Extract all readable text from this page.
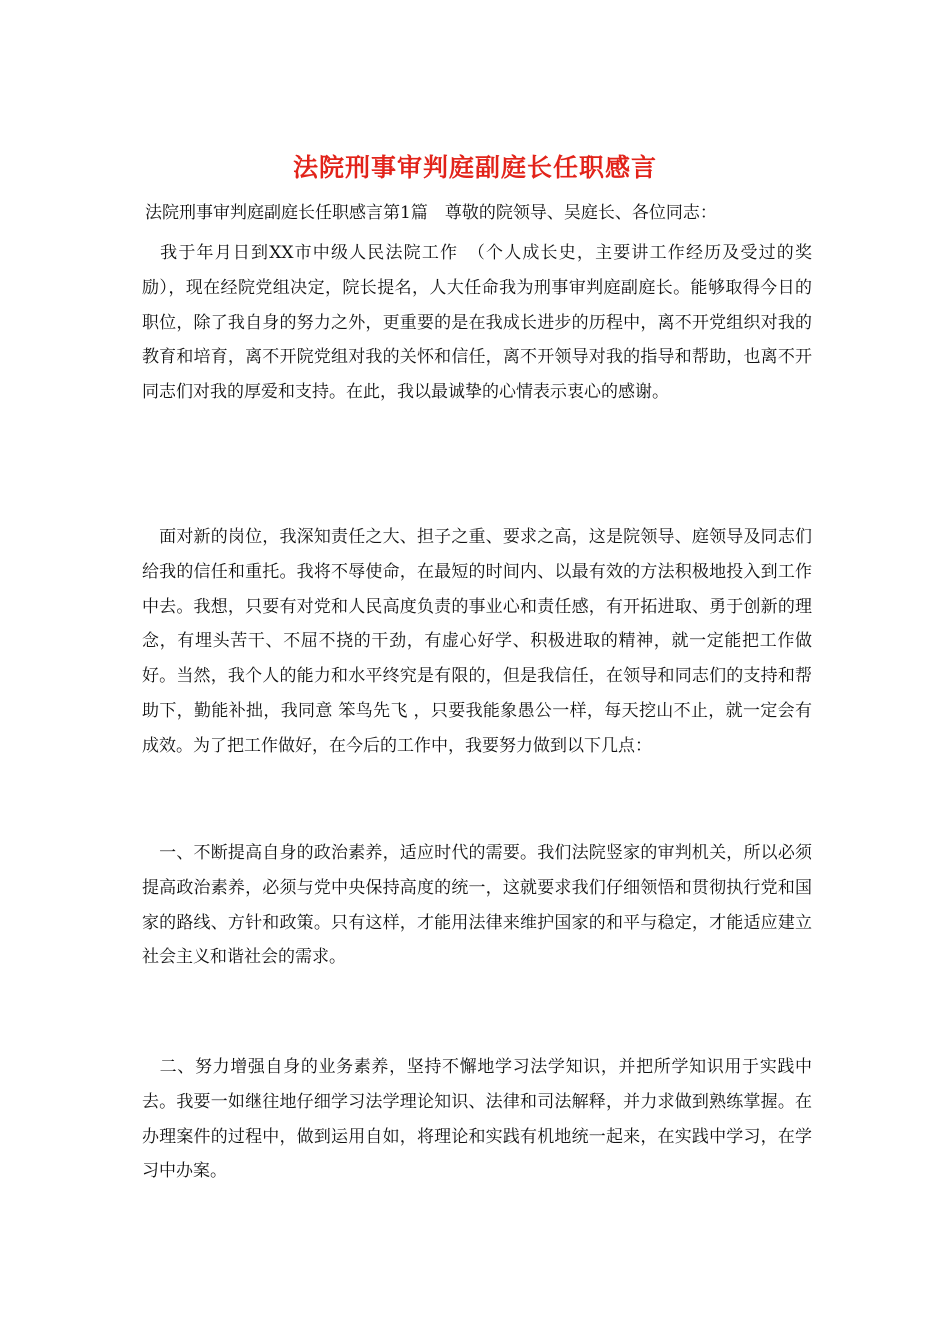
法院刑事审判庭副庭长任职感言
法院刑事审判庭副庭长任职感言第1篇　尊敬的院领导、吴庭长、各位同志：
　我于年月日到XX市中级人民法院工作　（个人成长史，主要讲工作经历及受过的奖励），现在经院党组决定，院长提名，人大任命我为刑事审判庭副庭长。能够取得今日的职位，除了我自身的努力之外，更重要的是在我成长进步的历程中，离不开党组织对我的教育和培育，离不开院党组对我的关怀和信任，离不开领导对我的指导和帮助，也离不开同志们对我的厚爱和支持。在此，我以最诚挚的心情表示衷心的感谢。
　面对新的岗位，我深知责任之大、担子之重、要求之高，这是院领导、庭领导及同志们给我的信任和重托。我将不辱使命，在最短的时间内、以最有效的方法积极地投入到工作中去。我想，只要有对党和人民高度负责的事业心和责任感，有开拓进取、勇于创新的理念，有埋头苦干、不屈不挠的干劲，有虚心好学、积极进取的精神，就一定能把工作做好。当然，我个人的能力和水平终究是有限的，但是我信任，在领导和同志们的支持和帮助下，勤能补拙，我同意 笨鸟先飞 ，只要我能象愚公一样，每天挖山不止，就一定会有成效。为了把工作做好，在今后的工作中，我要努力做到以下几点：
　一、不断提高自身的政治素养，适应时代的需要。我们法院竖家的审判机关，所以必须提高政治素养，必须与党中央保持高度的统一，这就要求我们仔细领悟和贯彻执行党和国家的路线、方针和政策。只有这样，才能用法律来维护国家的和平与稳定，才能适应建立社会主义和谐社会的需求。
　二、努力增强自身的业务素养，坚持不懈地学习法学知识，并把所学知识用于实践中去。我要一如继往地仔细学习法学理论知识、法律和司法解释，并力求做到熟练掌握。在办理案件的过程中，做到运用自如，将理论和实践有机地统一起来，在实践中学习，在学习中办案。
